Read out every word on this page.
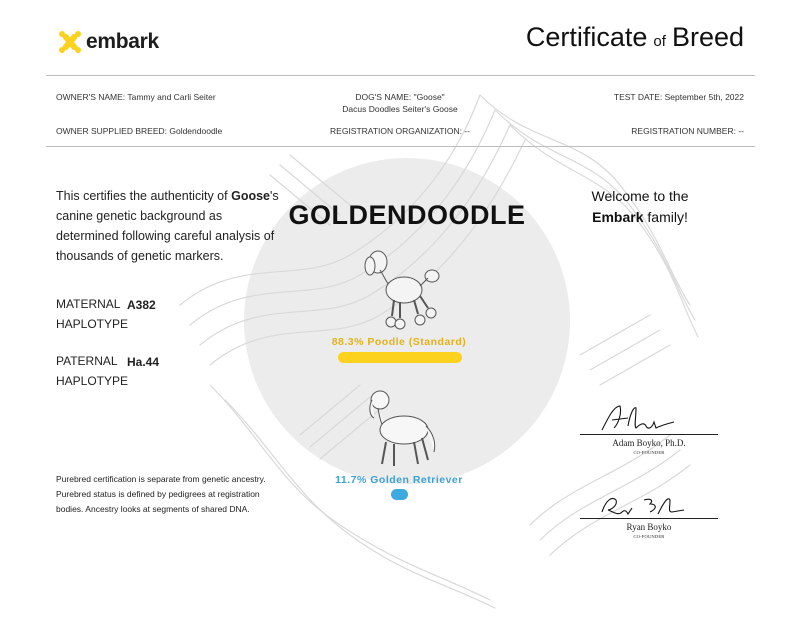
embark	Certificate of Breed
OWNER'S NAME: Tammy and Carli Seiter	DOG'S NAME: "Goose"
Dacus Doodles Seiter's Goose
TEST DATE: September 5th, 2022
OWNER SUPPLIED BREED: Goldendoodle	REGISTRATION ORGANIZATION: --	REGISTRATION NUMBER: --
This certifies the authenticity of Goose's canine genetic background as determined following careful analysis of thousands of genetic markers.
MATERNAL
HAPLOTYPE
A382
PATERNAL
HAPLOTYPE
Ha.44
Purebred certification is separate from genetic ancestry. Purebred status is defined by pedigrees at registration bodies. Ancestry looks at segments of shared DNA.
GOLDENDOODLE
88.3% Poodle (Standard)
11.7% Golden Retriever
Welcome to the
Embark family!
Adam Boyko, Ph.D.
CO-FOUNDER
Ryan Boyko
CO-FOUNDER
